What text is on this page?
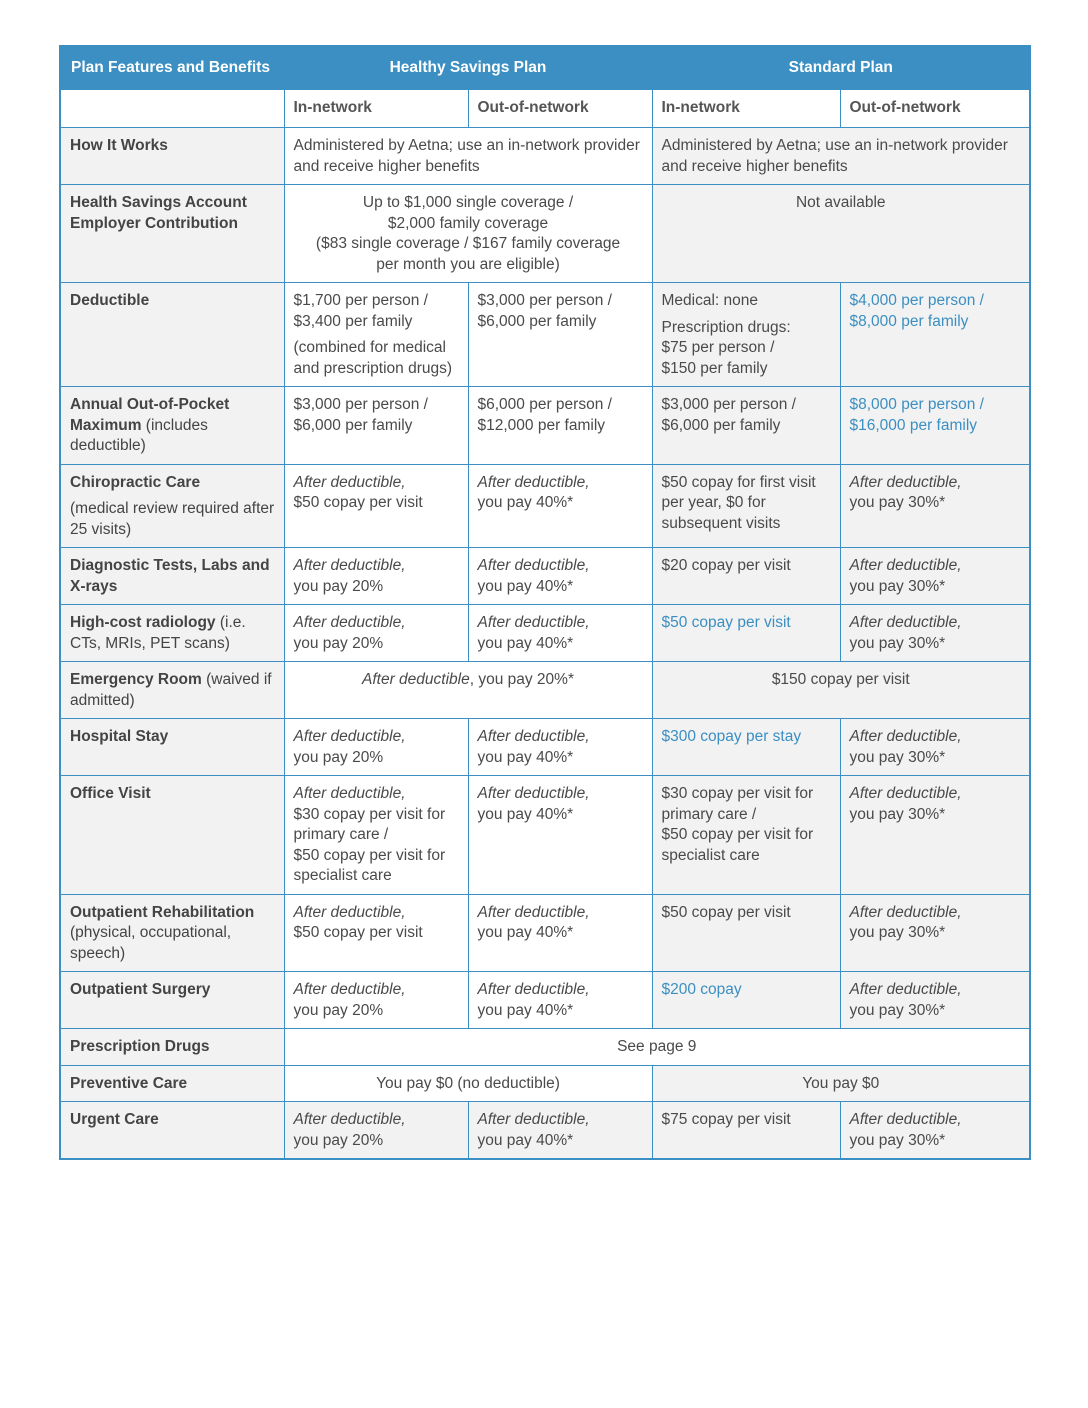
Plan Features and Benefits	Healthy Savings Plan		Standard Plan	
	In-network	Out-of-network	In-network	Out-of-network
How It Works	Administered by Aetna; use an in-network provider and receive higher benefits		Administered by Aetna; use an in-network provider and receive higher benefits	
Health Savings Account
Employer Contribution	Up to $1,000 single coverage /
$2,000 family coverage
($83 single coverage / $167 family coverage per month you are eligible)		Not available	
Deductible	$1,700 per person /
$3,400 per family
(combined for medical and prescription drugs)	$3,000 per person /
$6,000 per family	Medical: none
Prescription drugs:
$75 per person /
$150 per family	$4,000 per person /
$8,000 per family
Annual Out-of-Pocket Maximum (includes deductible)	$3,000 per person /
$6,000 per family	$6,000 per person /
$12,000 per family	$3,000 per person /
$6,000 per family	$8,000 per person /
$16,000 per family
Chiropractic Care
(medical review required after 25 visits)	After deductible,
$50 copay per visit	After deductible,
you pay 40%*	$50 copay for first visit per year, $0 for subsequent visits	After deductible,
you pay 30%*
Diagnostic Tests, Labs and X-rays	After deductible,
you pay 20%	After deductible,
you pay 40%*	$20 copay per visit	After deductible,
you pay 30%*
High-cost radiology (i.e. CTs, MRIs, PET scans)	After deductible,
you pay 20%	After deductible,
you pay 40%*	$50 copay per visit	After deductible,
you pay 30%*
Emergency Room (waived if admitted)	After deductible, you pay 20%*		$150 copay per visit	
Hospital Stay	After deductible,
you pay 20%	After deductible,
you pay 40%*	$300 copay per stay	After deductible,
you pay 30%*
Office Visit	After deductible,
$30 copay per visit for primary care /
$50 copay per visit for specialist care	After deductible,
you pay 40%*	$30 copay per visit for primary care /
$50 copay per visit for specialist care	After deductible,
you pay 30%*
Outpatient Rehabilitation
(physical, occupational, speech)	After deductible,
$50 copay per visit	After deductible,
you pay 40%*	$50 copay per visit	After deductible,
you pay 30%*
Outpatient Surgery	After deductible,
you pay 20%	After deductible,
you pay 40%*	$200 copay	After deductible,
you pay 30%*
Prescription Drugs	See page 9			
Preventive Care	You pay $0 (no deductible)		You pay $0	
Urgent Care	After deductible,
you pay 20%	After deductible,
you pay 40%*	$75 copay per visit	After deductible,
you pay 30%*
